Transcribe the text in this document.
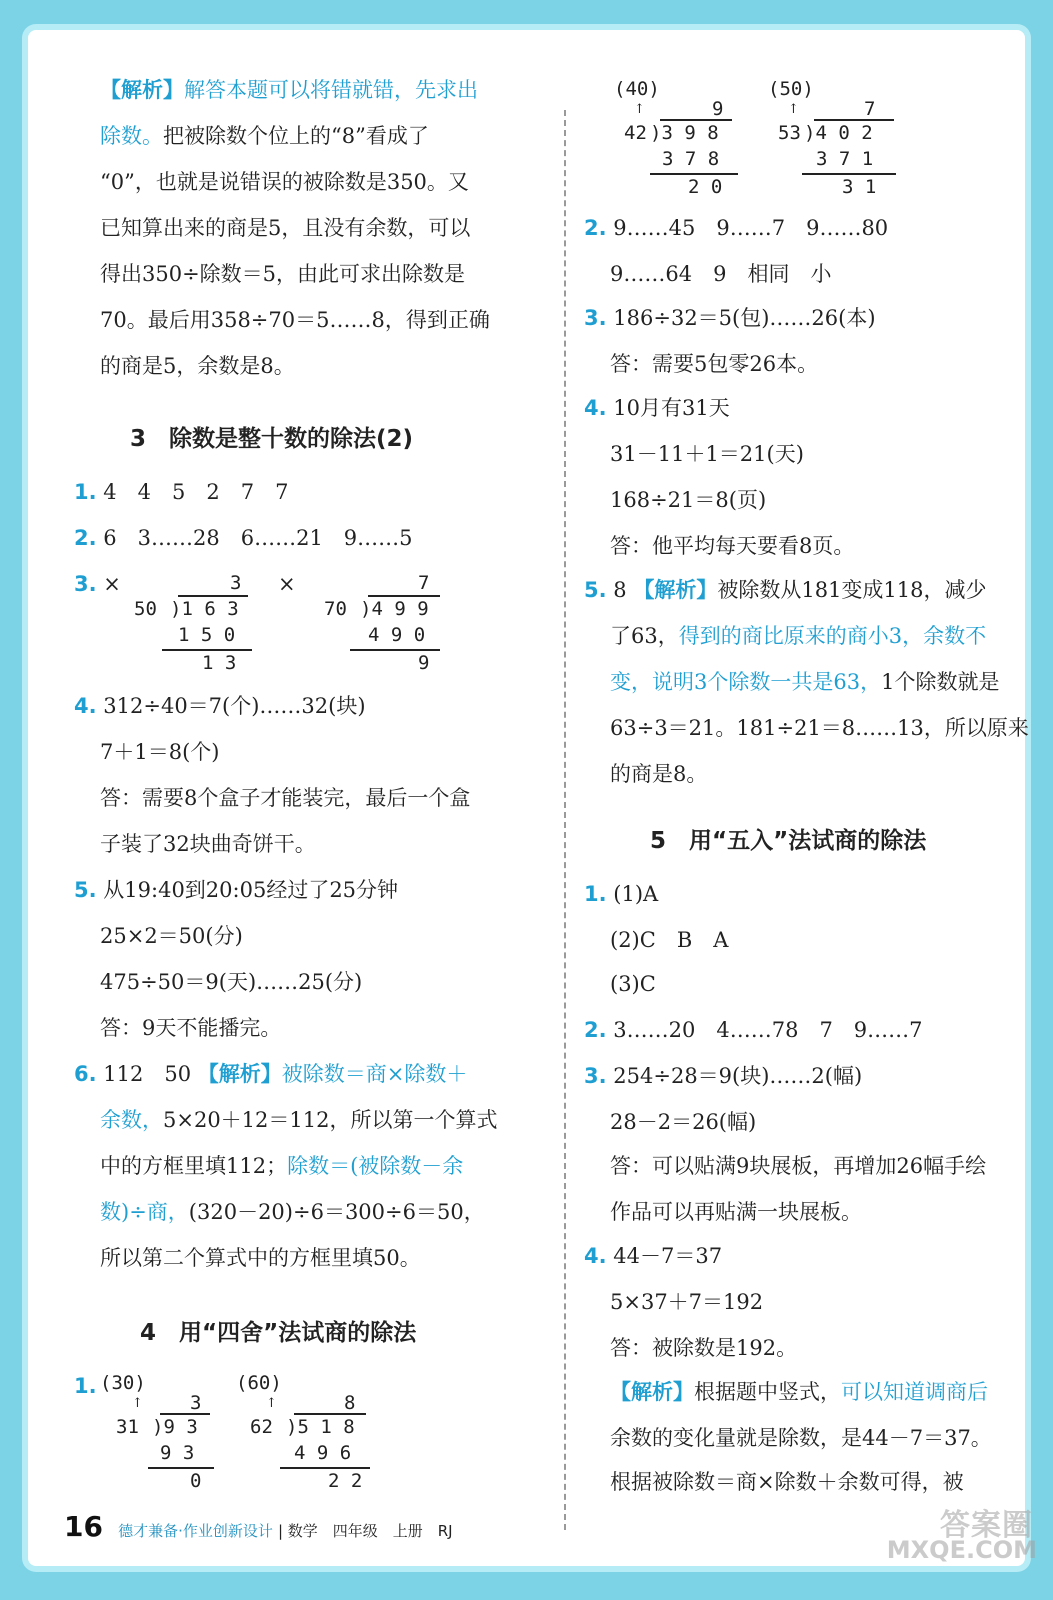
【解析】解答本题可以将错就错，先求出
除数。把被除数个位上的“8”看成了
“0”，也就是说错误的被除数是350。又
已知算出来的商是5，且没有余数，可以
得出350÷除数＝5，由此可求出除数是
70。最后用358÷70＝5……8，得到正确
的商是5，余数是8。
3　除数是整十数的除法(2)
1. 4　4　5　2　7　7
2. 6　3……28　6……21　9……5
3. ×	×
3
50 )1 6 3
1 5 0
1 3
7
70 )4 9 9
4 9 0
9
4. 312÷40＝7(个)……32(块)
7＋1＝8(个)
答：需要8个盒子才能装完，最后一个盒
子装了32块曲奇饼干。
5. 从19:40到20:05经过了25分钟
25×2＝50(分)
475÷50＝9(天)……25(分)
答：9天不能播完。
6. 112　50 【解析】被除数＝商×除数＋
余数，5×20＋12＝112，所以第一个算式
中的方框里填112；除数＝(被除数－余
数)÷商，(320－20)÷6＝300÷6＝50，
所以第二个算式中的方框里填50。
4　用“四舍”法试商的除法
1. (30)
↑ 3
31 )9 3
9 3
0
(60)
↑	8
62 )5 1 8
4 9 6
2 2
(40)
↑	9
42 )3 9 8
3 7 8
2 0
(50)
↑	7
53 )4 0 2
3 7 1
3 1
2. 9……45　9……7　9……80
9……64　9　相同　小
3. 186÷32＝5(包)……26(本)
答：需要5包零26本。
4. 10月有31天
31－11＋1＝21(天)
168÷21＝8(页)
答：他平均每天要看8页。
5. 8 【解析】被除数从181变成118，减少
了63，得到的商比原来的商小3，余数不
变，说明3个除数一共是63，1个除数就是
63÷3＝21。181÷21＝8……13，所以原来
的商是8。
5　用“五入”法试商的除法
1. (1)A
(2)C　B　A
(3)C
2. 3……20　4……78　7　9……7
3. 254÷28＝9(块)……2(幅)
28－2＝26(幅)
答：可以贴满9块展板，再增加26幅手绘
作品可以再贴满一块展板。
4. 44－7＝37
5×37＋7＝192
答：被除数是192。
【解析】根据题中竖式，可以知道调商后
余数的变化量就是除数，是44－7＝37。
根据被除数＝商×除数＋余数可得，被
16 德才兼备·作业创新设计 | 数学　四年级　上册　RJ	答案圈
MXQE.COM
